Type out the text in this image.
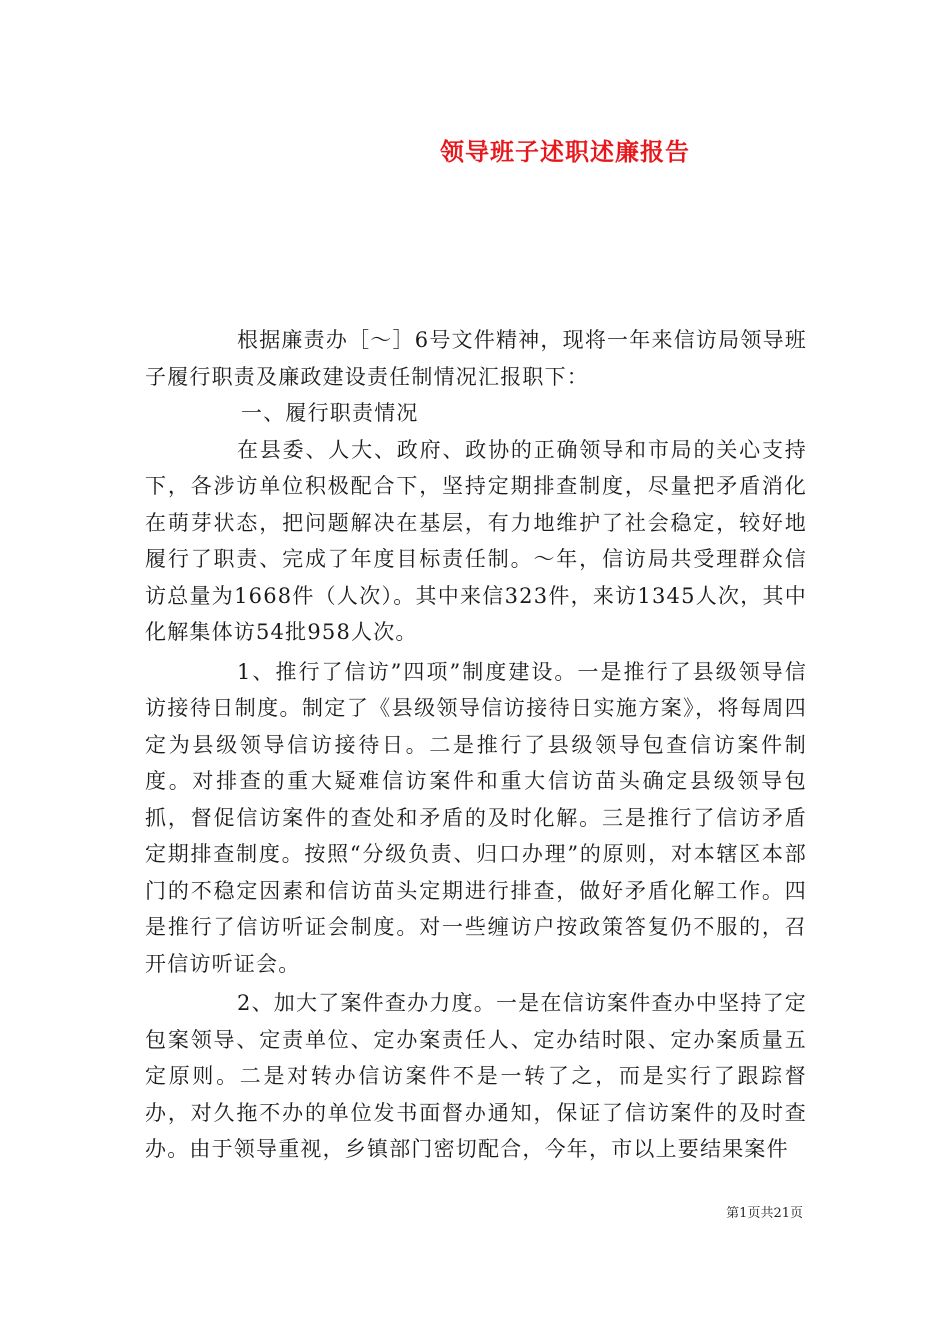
领导班子述职述廉报告

根据廉责办［～］6号文件精神，现将一年来信访局领导班子履行职责及廉政建设责任制情况汇报职下：

一、履行职责情况

在县委、人大、政府、政协的正确领导和市局的关心支持下，各涉访单位积极配合下，坚持定期排查制度，尽量把矛盾消化在萌芽状态，把问题解决在基层，有力地维护了社会稳定，较好地履行了职责、完成了年度目标责任制。～年，信访局共受理群众信访总量为1668件（人次）。其中来信323件，来访1345人次，其中化解集体访54批958人次。

1、推行了信访”四项”制度建设。一是推行了县级领导信访接待日制度。制定了《县级领导信访接待日实施方案》，将每周四定为县级领导信访接待日。二是推行了县级领导包查信访案件制度。对排查的重大疑难信访案件和重大信访苗头确定县级领导包抓，督促信访案件的查处和矛盾的及时化解。三是推行了信访矛盾定期排查制度。按照“分级负责、归口办理”的原则，对本辖区本部门的不稳定因素和信访苗头定期进行排查，做好矛盾化解工作。四是推行了信访听证会制度。对一些缠访户按政策答复仍不服的，召开信访听证会。

2、加大了案件查办力度。一是在信访案件查办中坚持了定包案领导、定责单位、定办案责任人、定办结时限、定办案质量五定原则。二是对转办信访案件不是一转了之，而是实行了跟踪督办，对久拖不办的单位发书面督办通知，保证了信访案件的及时查办。由于领导重视，乡镇部门密切配合，今年，市以上要结果案件

第1页共21页
